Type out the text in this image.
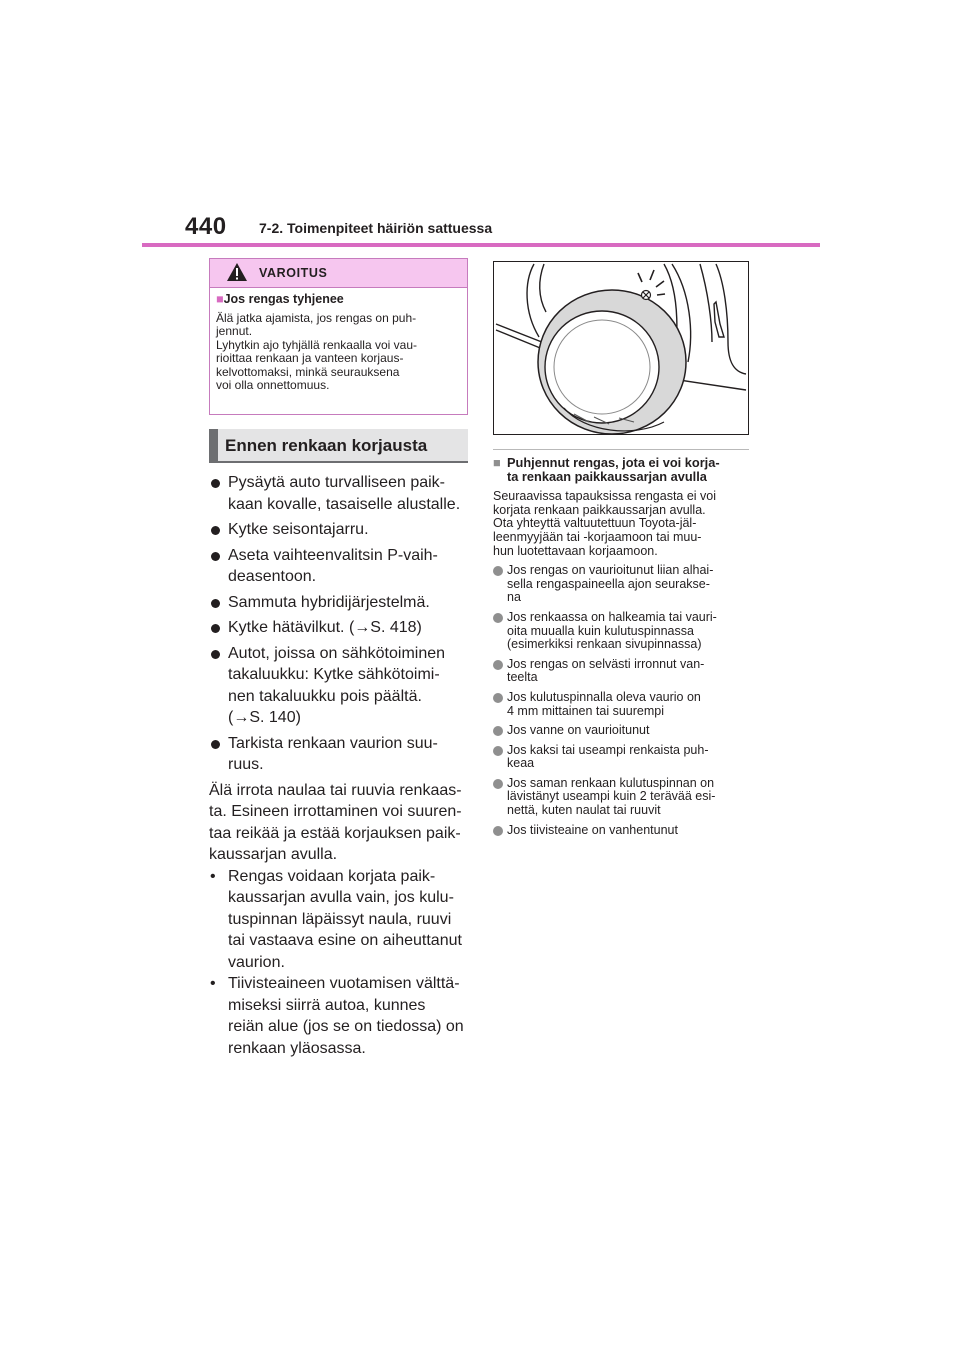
440 7-2. Toimenpiteet häiriön sattuessa
VAROITUS
■Jos rengas tyhjenee
Älä jatka ajamista, jos rengas on puh-
jennut.
Lyhytkin ajo tyhjällä renkaalla voi vau-
rioittaa renkaan ja vanteen korjaus-
kelvottomaksi, minkä seurauksena
voi olla onnettomuus.
Ennen renkaan korjausta
Pysäytä auto turvalliseen paik-
kaan kovalle, tasaiselle alustalle.
Kytke seisontajarru.
Aseta vaihteenvalitsin P-vaih-
deasentoon.
Sammuta hybridijärjestelmä.
Kytke hätävilkut. (→S. 418)
Autot, joissa on sähkötoiminen
takaluukku: Kytke sähkötoimi-
nen takaluukku pois päältä.
(→S. 140)
Tarkista renkaan vaurion suu-
ruus.
Älä irrota naulaa tai ruuvia renkaas-
ta. Esineen irrottaminen voi suuren-
taa reikää ja estää korjauksen paik-
kaussarjan avulla.
• Rengas voidaan korjata paik-
kaussarjan avulla vain, jos kulu-
tuspinnan läpäissyt naula, ruuvi
tai vastaava esine on aiheuttanut
vaurion.
• Tiivisteaineen vuotamisen välttä-
miseksi siirrä autoa, kunnes
reiän alue (jos se on tiedossa) on
renkaan yläosassa.
■ Puhjennut rengas, jota ei voi korja-
ta renkaan paikkaussarjan avulla
Seuraavissa tapauksissa rengasta ei voi
korjata renkaan paikkaussarjan avulla.
Ota yhteyttä valtuutettuun Toyota-jäl-
leenmyyjään tai -korjaamoon tai muu-
hun luotettavaan korjaamoon.
Jos rengas on vaurioitunut liian alhai-
sella rengaspaineella ajon seurakse-
na
Jos renkaassa on halkeamia tai vauri-
oita muualla kuin kulutuspinnassa
(esimerkiksi renkaan sivupinnassa)
Jos rengas on selvästi irronnut van-
teelta
Jos kulutuspinnalla oleva vaurio on
4 mm mittainen tai suurempi
Jos vanne on vaurioitunut
Jos kaksi tai useampi renkaista puh-
keaa
Jos saman renkaan kulutuspinnan on
lävistänyt useampi kuin 2 terävää esi-
nettä, kuten naulat tai ruuvit
Jos tiivisteaine on vanhentunut
